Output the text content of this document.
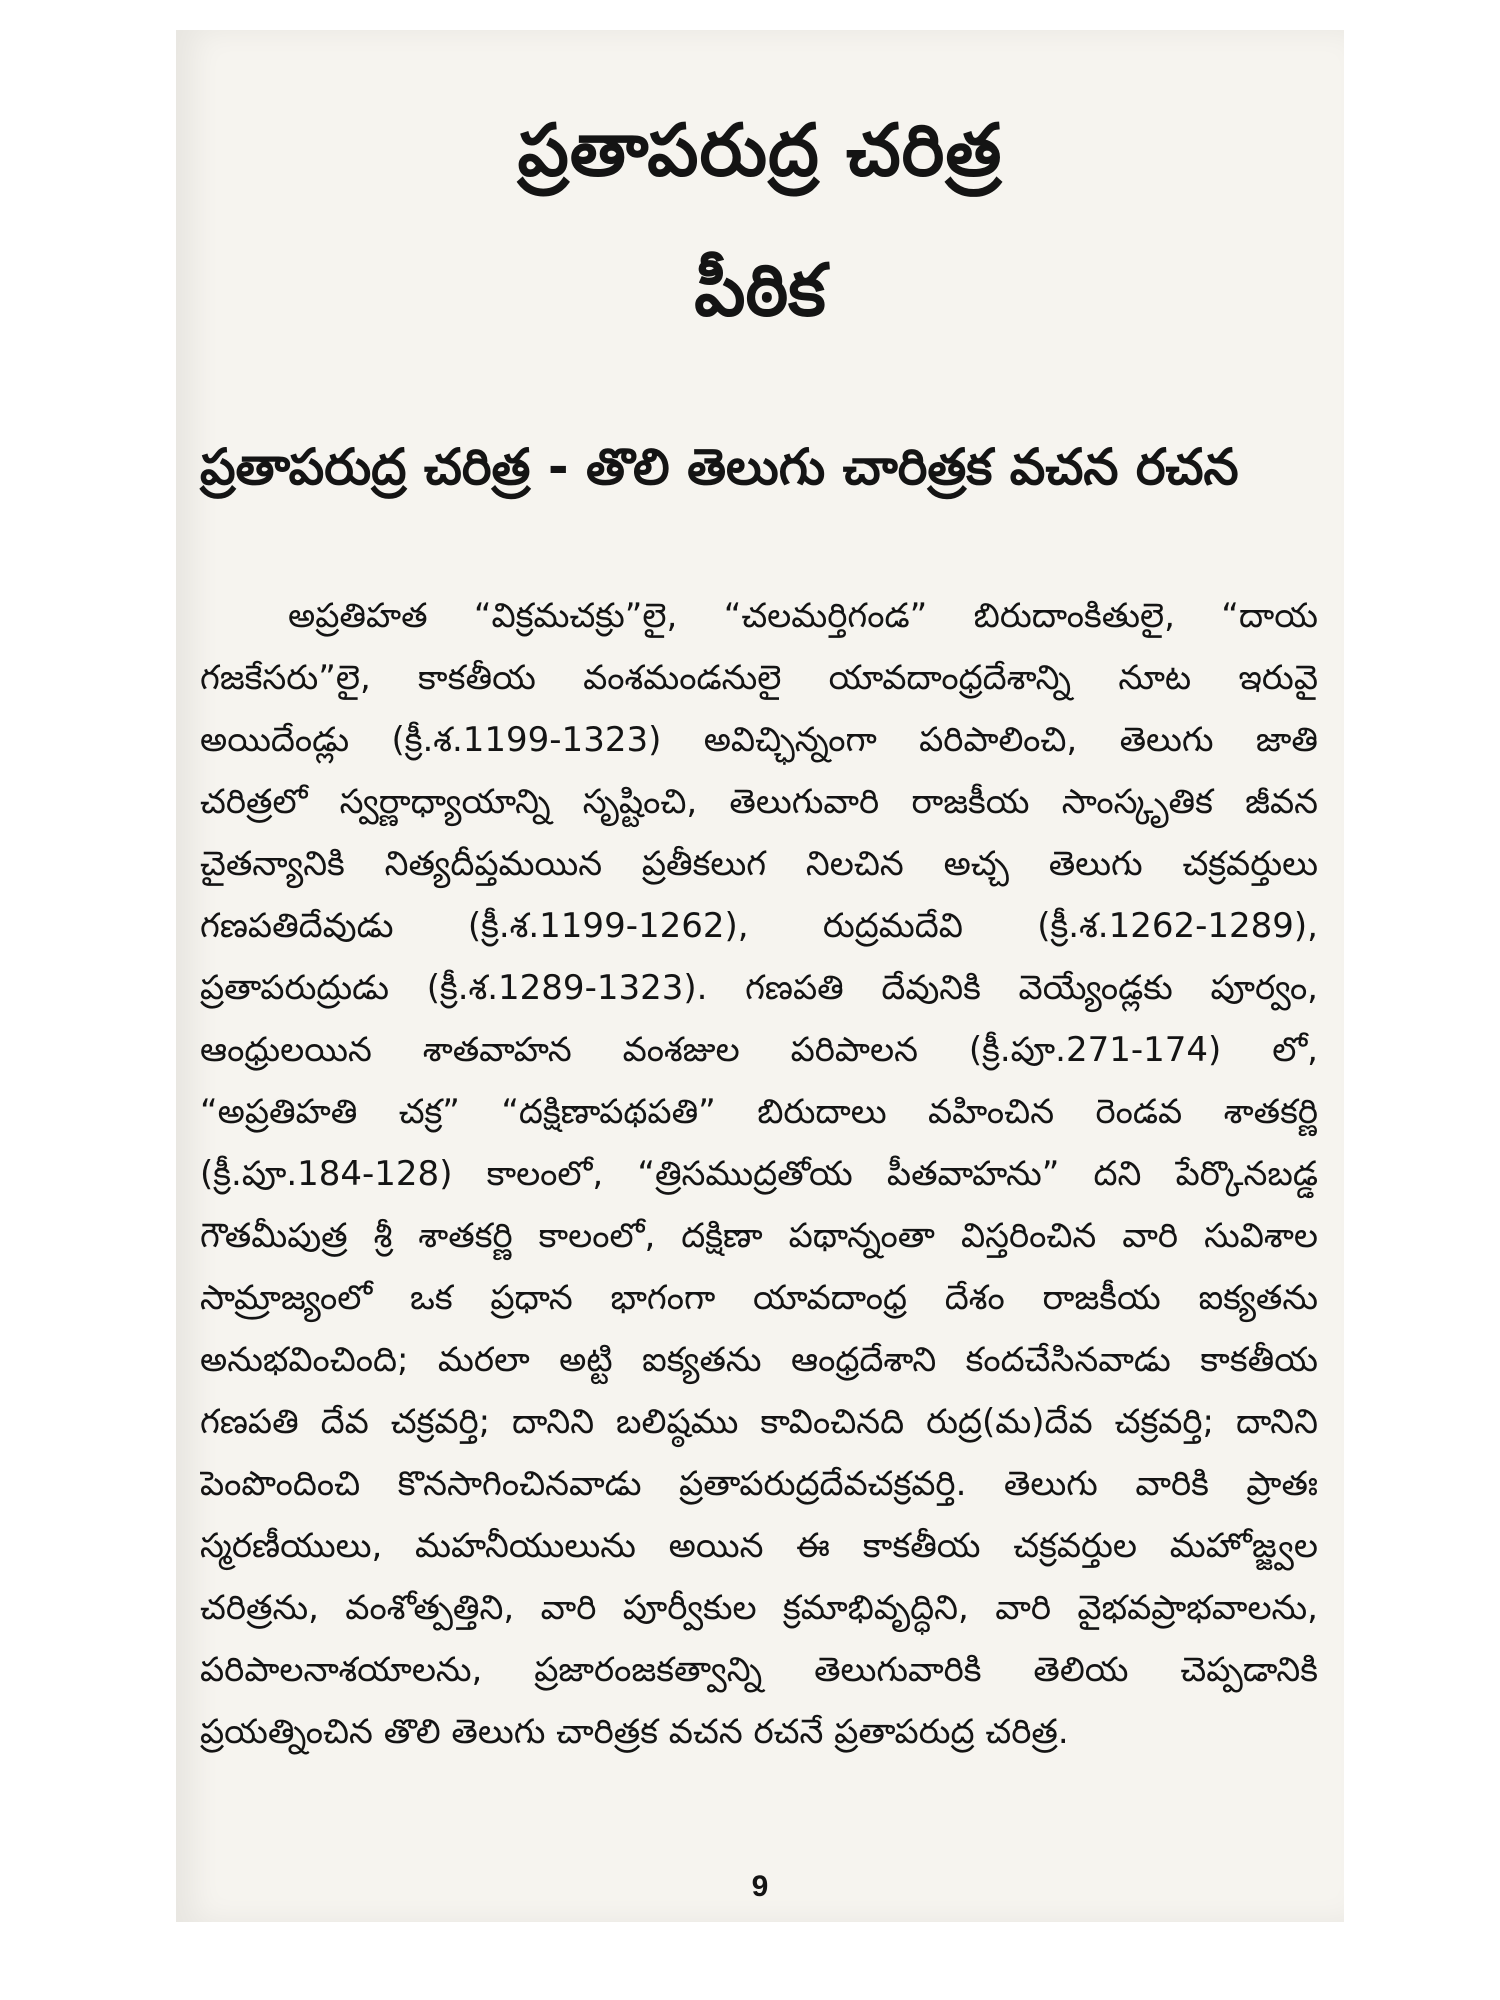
ప్రతాపరుద్ర చరిత్ర
పీఠిక
ప్రతాపరుద్ర చరిత్ర - తొలి తెలుగు చారిత్రక వచన రచన
అప్రతిహత “విక్రమచక్రు”లై, “చలమర్తిగండ” బిరుదాంకితులై, “దాయ
గజకేసరు”లై, కాకతీయ వంశమండనులై యావదాంధ్రదేశాన్ని నూట ఇరువై
అయిదేండ్లు (క్రీ.శ.1199-1323) అవిచ్ఛిన్నంగా పరిపాలించి, తెలుగు జాతి
చరిత్రలో స్వర్ణాధ్యాయాన్ని సృష్టించి, తెలుగువారి రాజకీయ సాంస్కృతిక జీవన
చైతన్యానికి నిత్యదీప్తమయిన ప్రతీకలుగ నిలచిన అచ్చ తెలుగు చక్రవర్తులు
గణపతిదేవుడు (క్రీ.శ.1199-1262), రుద్రమదేవి (క్రీ.శ.1262-1289),
ప్రతాపరుద్రుడు (క్రీ.శ.1289-1323). గణపతి దేవునికి వెయ్యేండ్లకు పూర్వం,
ఆంధ్రులయిన శాతవాహన వంశజుల పరిపాలన (క్రీ.పూ.271-174) లో,
“అప్రతిహతి చక్ర” “దక్షిణాపథపతి” బిరుదాలు వహించిన రెండవ శాతకర్ణి
(క్రీ.పూ.184-128) కాలంలో, “త్రిసముద్రతోయ పీతవాహను” దని పేర్కొనబడ్డ
గౌతమీపుత్ర శ్రీ శాతకర్ణి కాలంలో, దక్షిణా పథాన్నంతా విస్తరించిన వారి సువిశాల
సామ్రాజ్యంలో ఒక ప్రధాన భాగంగా యావదాంధ్ర దేశం రాజకీయ ఐక్యతను
అనుభవించింది; మరలా అట్టి ఐక్యతను ఆంధ్రదేశాని కందచేసినవాడు కాకతీయ
గణపతి దేవ చక్రవర్తి; దానిని బలిష్ఠము కావించినది రుద్ర(మ)దేవ చక్రవర్తి; దానిని
పెంపొందించి కొనసాగించినవాడు ప్రతాపరుద్రదేవచక్రవర్తి. తెలుగు వారికి ప్రాతః
స్మరణీయులు, మహనీయులును అయిన ఈ కాకతీయ చక్రవర్తుల మహోజ్జ్వల
చరిత్రను, వంశోత్పత్తిని, వారి పూర్వీకుల క్రమాభివృద్ధిని, వారి వైభవప్రాభవాలను,
పరిపాలనాశయాలను, ప్రజారంజకత్వాన్ని తెలుగువారికి తెలియ చెప్పడానికి
ప్రయత్నించిన తొలి తెలుగు చారిత్రక వచన రచనే ప్రతాపరుద్ర చరిత్ర.
9
